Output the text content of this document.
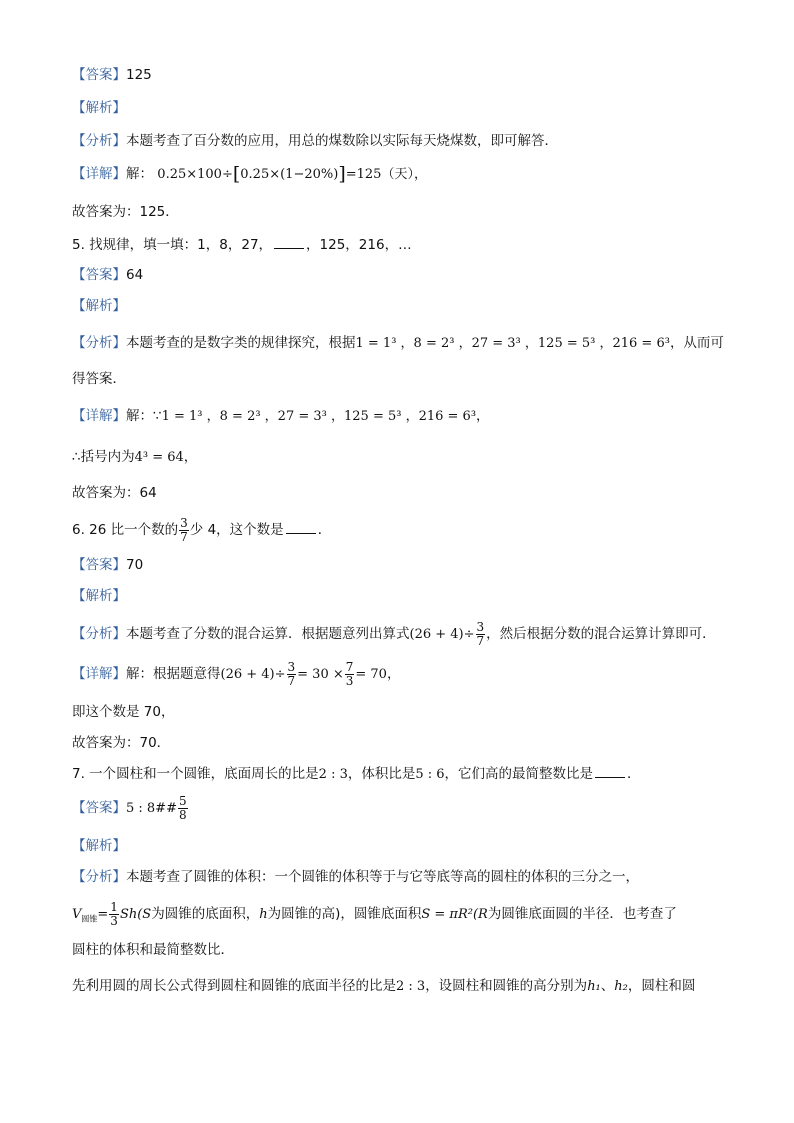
【答案】125
【解析】
【分析】本题考查了百分数的应用，用总的煤数除以实际每天烧煤数，即可解答．
【详解】解： 0.25×100÷[0.25×(1−20%)]=125（天），
故答案为：125．
5. 找规律，填一填：1，8，27，	，125，216，…
【答案】64
【解析】
【分析】本题考查的是数字类的规律探究，根据1 = 1³ ，8 = 2³ ，27 = 3³ ，125 = 5³ ，216 = 6³，从而可
得答案．
【详解】解：∵1 = 1³ ，8 = 2³ ，27 = 3³ ，125 = 5³ ，216 = 6³，
∴括号内为4³ = 64，
故答案为：64
6. 26 比一个数的 $\frac{3}{7}$ 少 4，这个数是	．
【答案】70
【解析】
【分析】本题考查了分数的混合运算．根据题意列出算式$(26 + 4)\div \frac{3}{7}$ ，然后根据分数的混合运算计算即可．
【详解】解：根据题意得$(26 + 4)\div \frac{3}{7} = 30 \times \frac{7}{3} = 70$，
即这个数是 70，
故答案为：70．
7. 一个圆柱和一个圆锥，底面周长的比是2 : 3，体积比是5 : 6，它们高的最简整数比是	．
【答案】5 : 8## $\frac{5}{8}$
【解析】
【分析】本题考查了圆锥的体积：一个圆锥的体积等于与它等底等高的圆柱的体积的三分之一，
$V_{圆锥}= \frac{1}{3} Sh(S$为圆锥的底面积，h为圆锥的高)，圆锥底面积S = πR²(R为圆锥底面圆的半径．也考查了
圆柱的体积和最简整数比．
先利用圆的周长公式得到圆柱和圆锥的底面半径的比是2 : 3，设圆柱和圆锥的高分别为h₁、h₂，圆柱和圆
